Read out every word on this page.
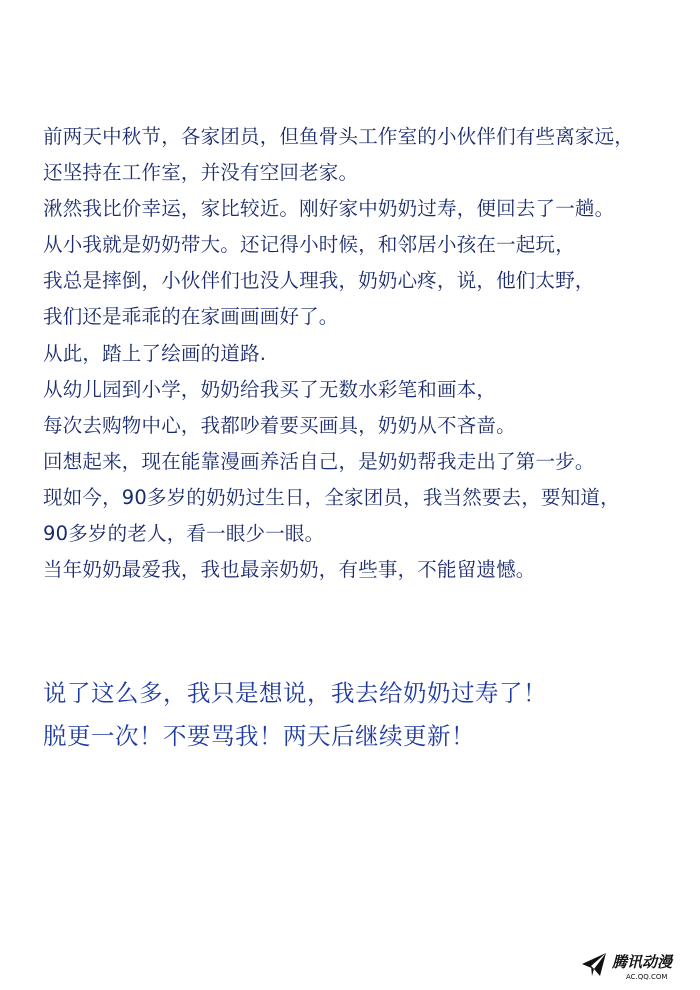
前两天中秋节，各家团员，但鱼骨头工作室的小伙伴们有些离家远，
还坚持在工作室，并没有空回老家。
湫然我比价幸运，家比较近。刚好家中奶奶过寿，便回去了一趟。
从小我就是奶奶带大。还记得小时候，和邻居小孩在一起玩，
我总是摔倒，小伙伴们也没人理我，奶奶心疼，说，他们太野，
我们还是乖乖的在家画画画好了。
从此，踏上了绘画的道路.
从幼儿园到小学，奶奶给我买了无数水彩笔和画本，
每次去购物中心，我都吵着要买画具，奶奶从不吝啬。
回想起来，现在能靠漫画养活自己，是奶奶帮我走出了第一步。
现如今，90多岁的奶奶过生日，全家团员，我当然要去，要知道，
90多岁的老人，看一眼少一眼。
当年奶奶最爱我，我也最亲奶奶，有些事，不能留遗憾。
说了这么多，我只是想说，我去给奶奶过寿了！
脱更一次！不要骂我！两天后继续更新！
腾讯动漫
AC.QQ.COM
